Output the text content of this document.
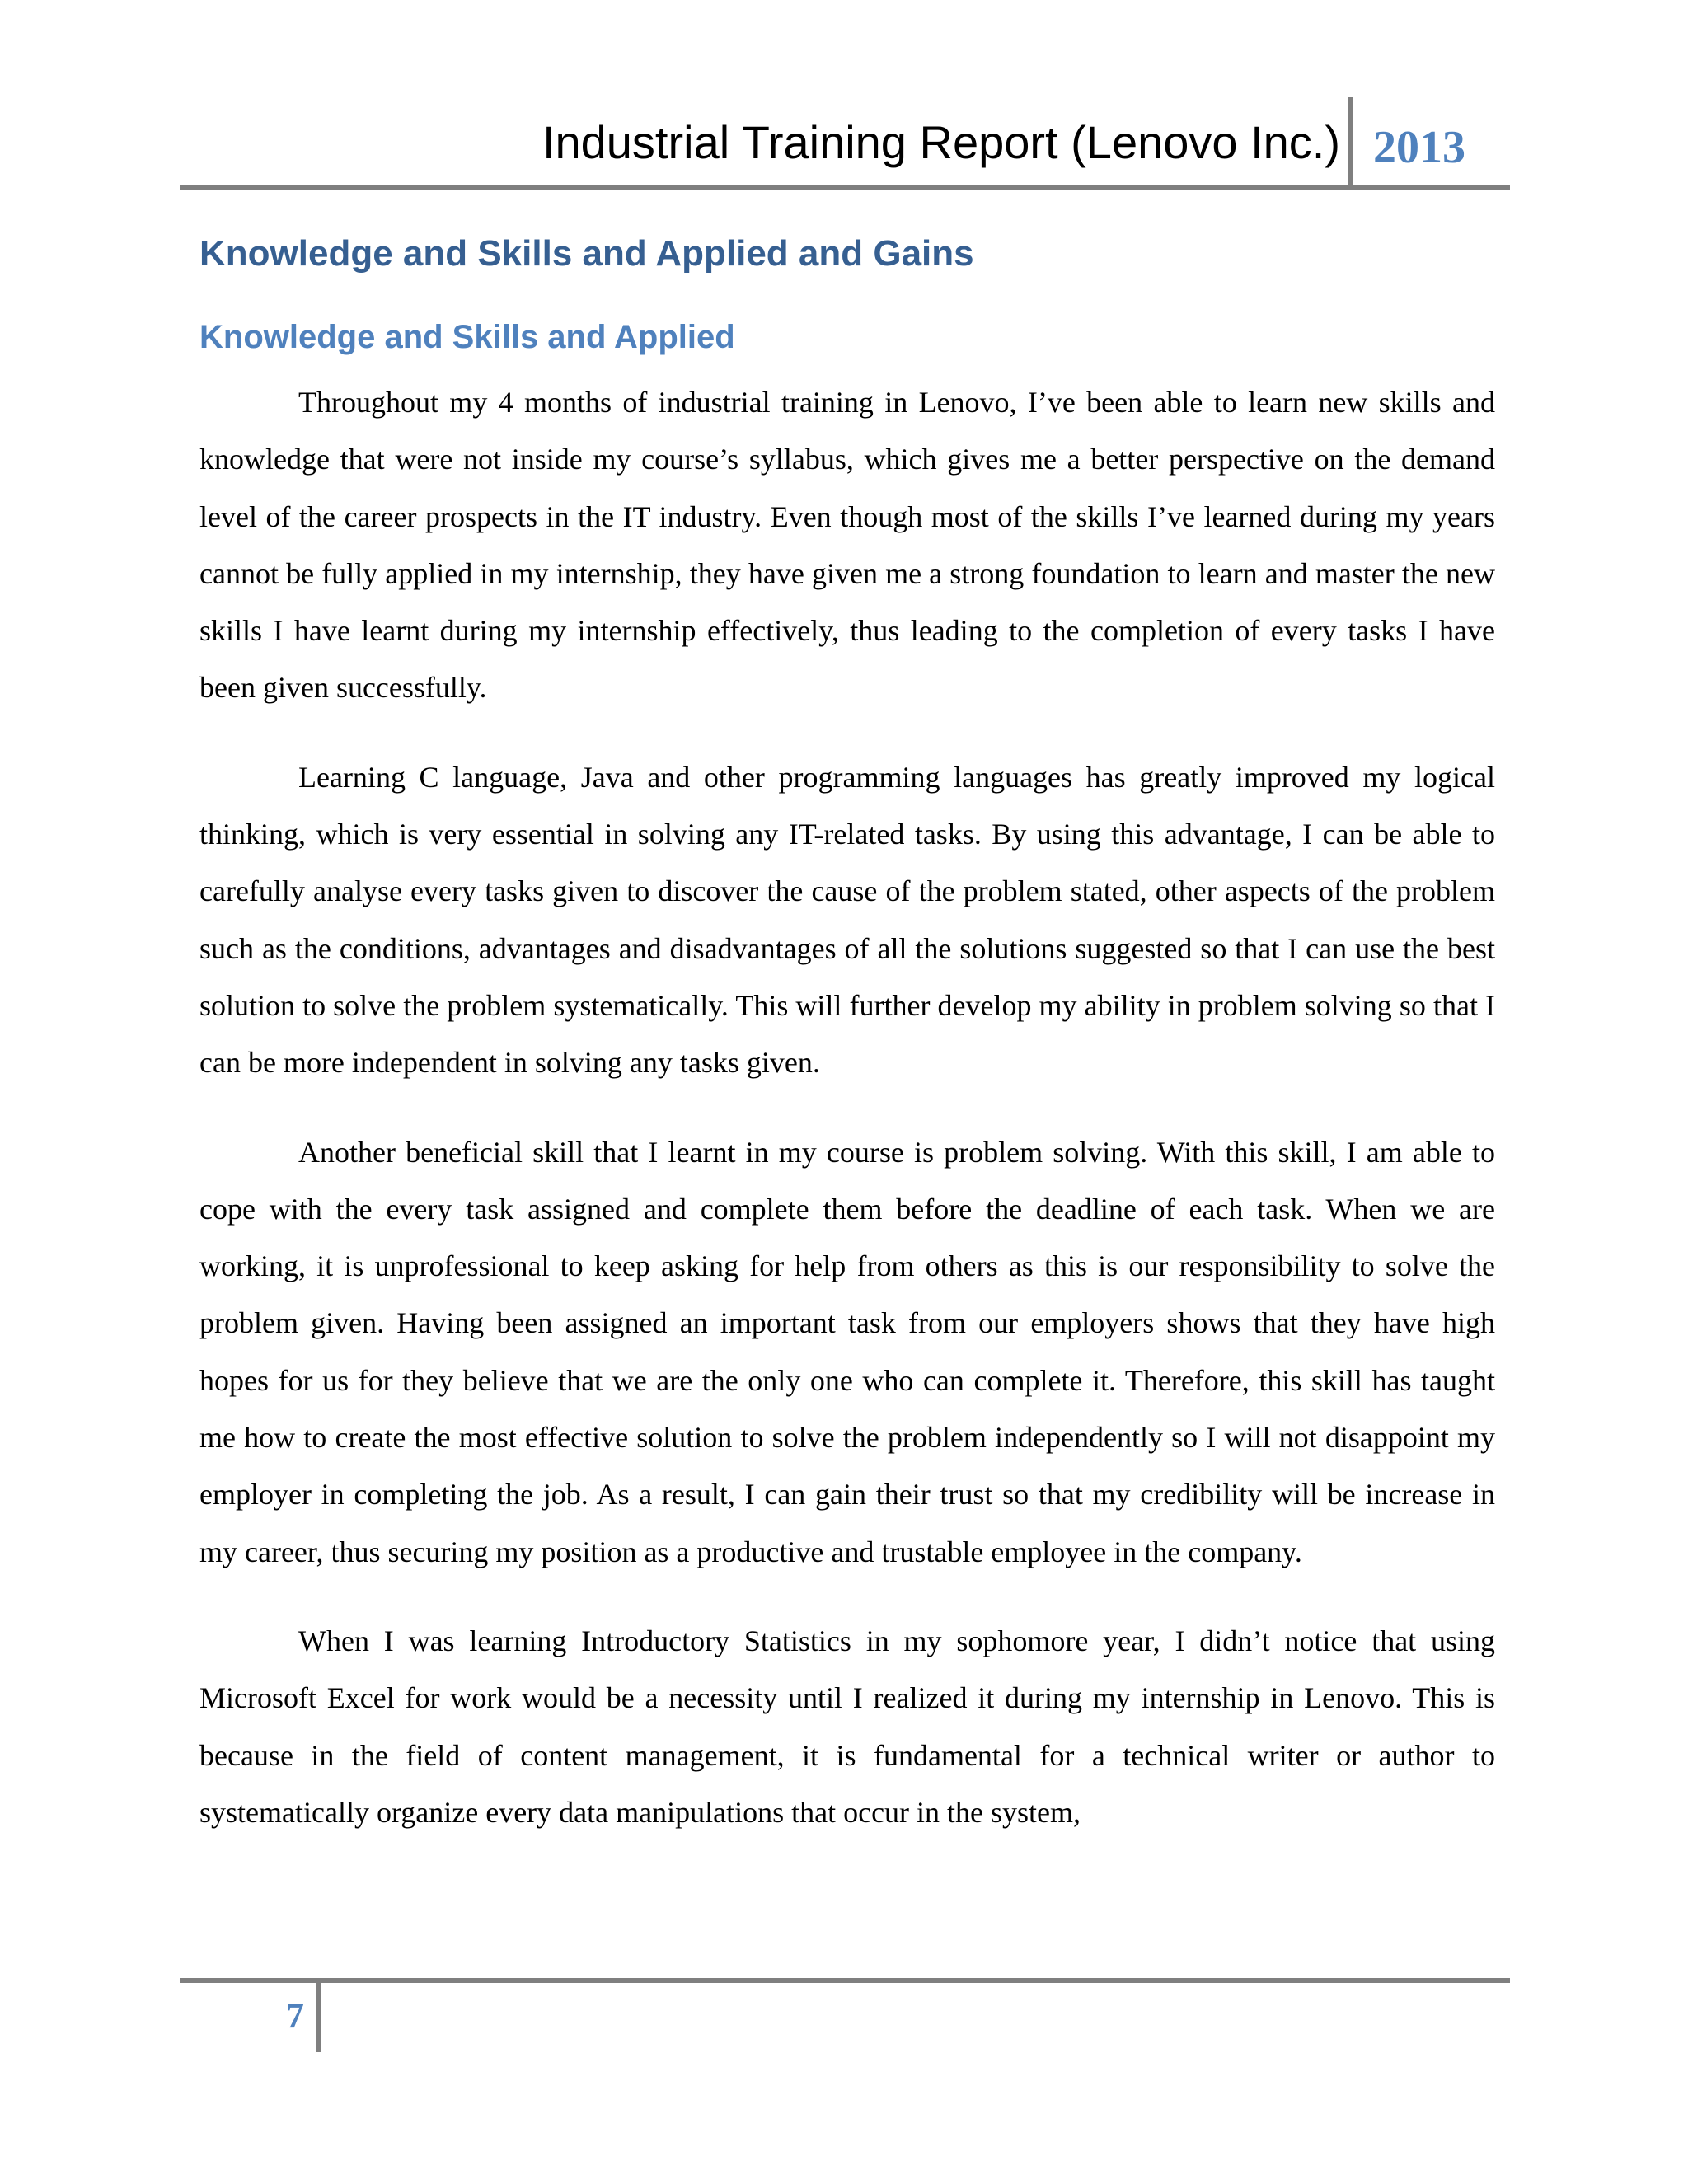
Industrial Training Report (Lenovo Inc.) 2013
Knowledge and Skills and Applied and Gains
Knowledge and Skills and Applied

Throughout my 4 months of industrial training in Lenovo, I’ve been able to learn new skills and knowledge that were not inside my course’s syllabus, which gives me a better perspective on the demand level of the career prospects in the IT industry. Even though most of the skills I’ve learned during my years cannot be fully applied in my internship, they have given me a strong foundation to learn and master the new skills I have learnt during my internship effectively, thus leading to the completion of every tasks I have been given successfully.

Learning C language, Java and other programming languages has greatly improved my logical thinking, which is very essential in solving any IT-related tasks. By using this advantage, I can be able to carefully analyse every tasks given to discover the cause of the problem stated, other aspects of the problem such as the conditions, advantages and disadvantages of all the solutions suggested so that I can use the best solution to solve the problem systematically. This will further develop my ability in problem solving so that I can be more independent in solving any tasks given.

Another beneficial skill that I learnt in my course is problem solving. With this skill, I am able to cope with the every task assigned and complete them before the deadline of each task. When we are working, it is unprofessional to keep asking for help from others as this is our responsibility to solve the problem given. Having been assigned an important task from our employers shows that they have high hopes for us for they believe that we are the only one who can complete it. Therefore, this skill has taught me how to create the most effective solution to solve the problem independently so I will not disappoint my employer in completing the job. As a result, I can gain their trust so that my credibility will be increase in my career, thus securing my position as a productive and trustable employee in the company.

When I was learning Introductory Statistics in my sophomore year, I didn’t notice that using Microsoft Excel for work would be a necessity until I realized it during my internship in Lenovo. This is because in the field of content management, it is fundamental for a technical writer or author to systematically organize every data manipulations that occur in the system,

7
